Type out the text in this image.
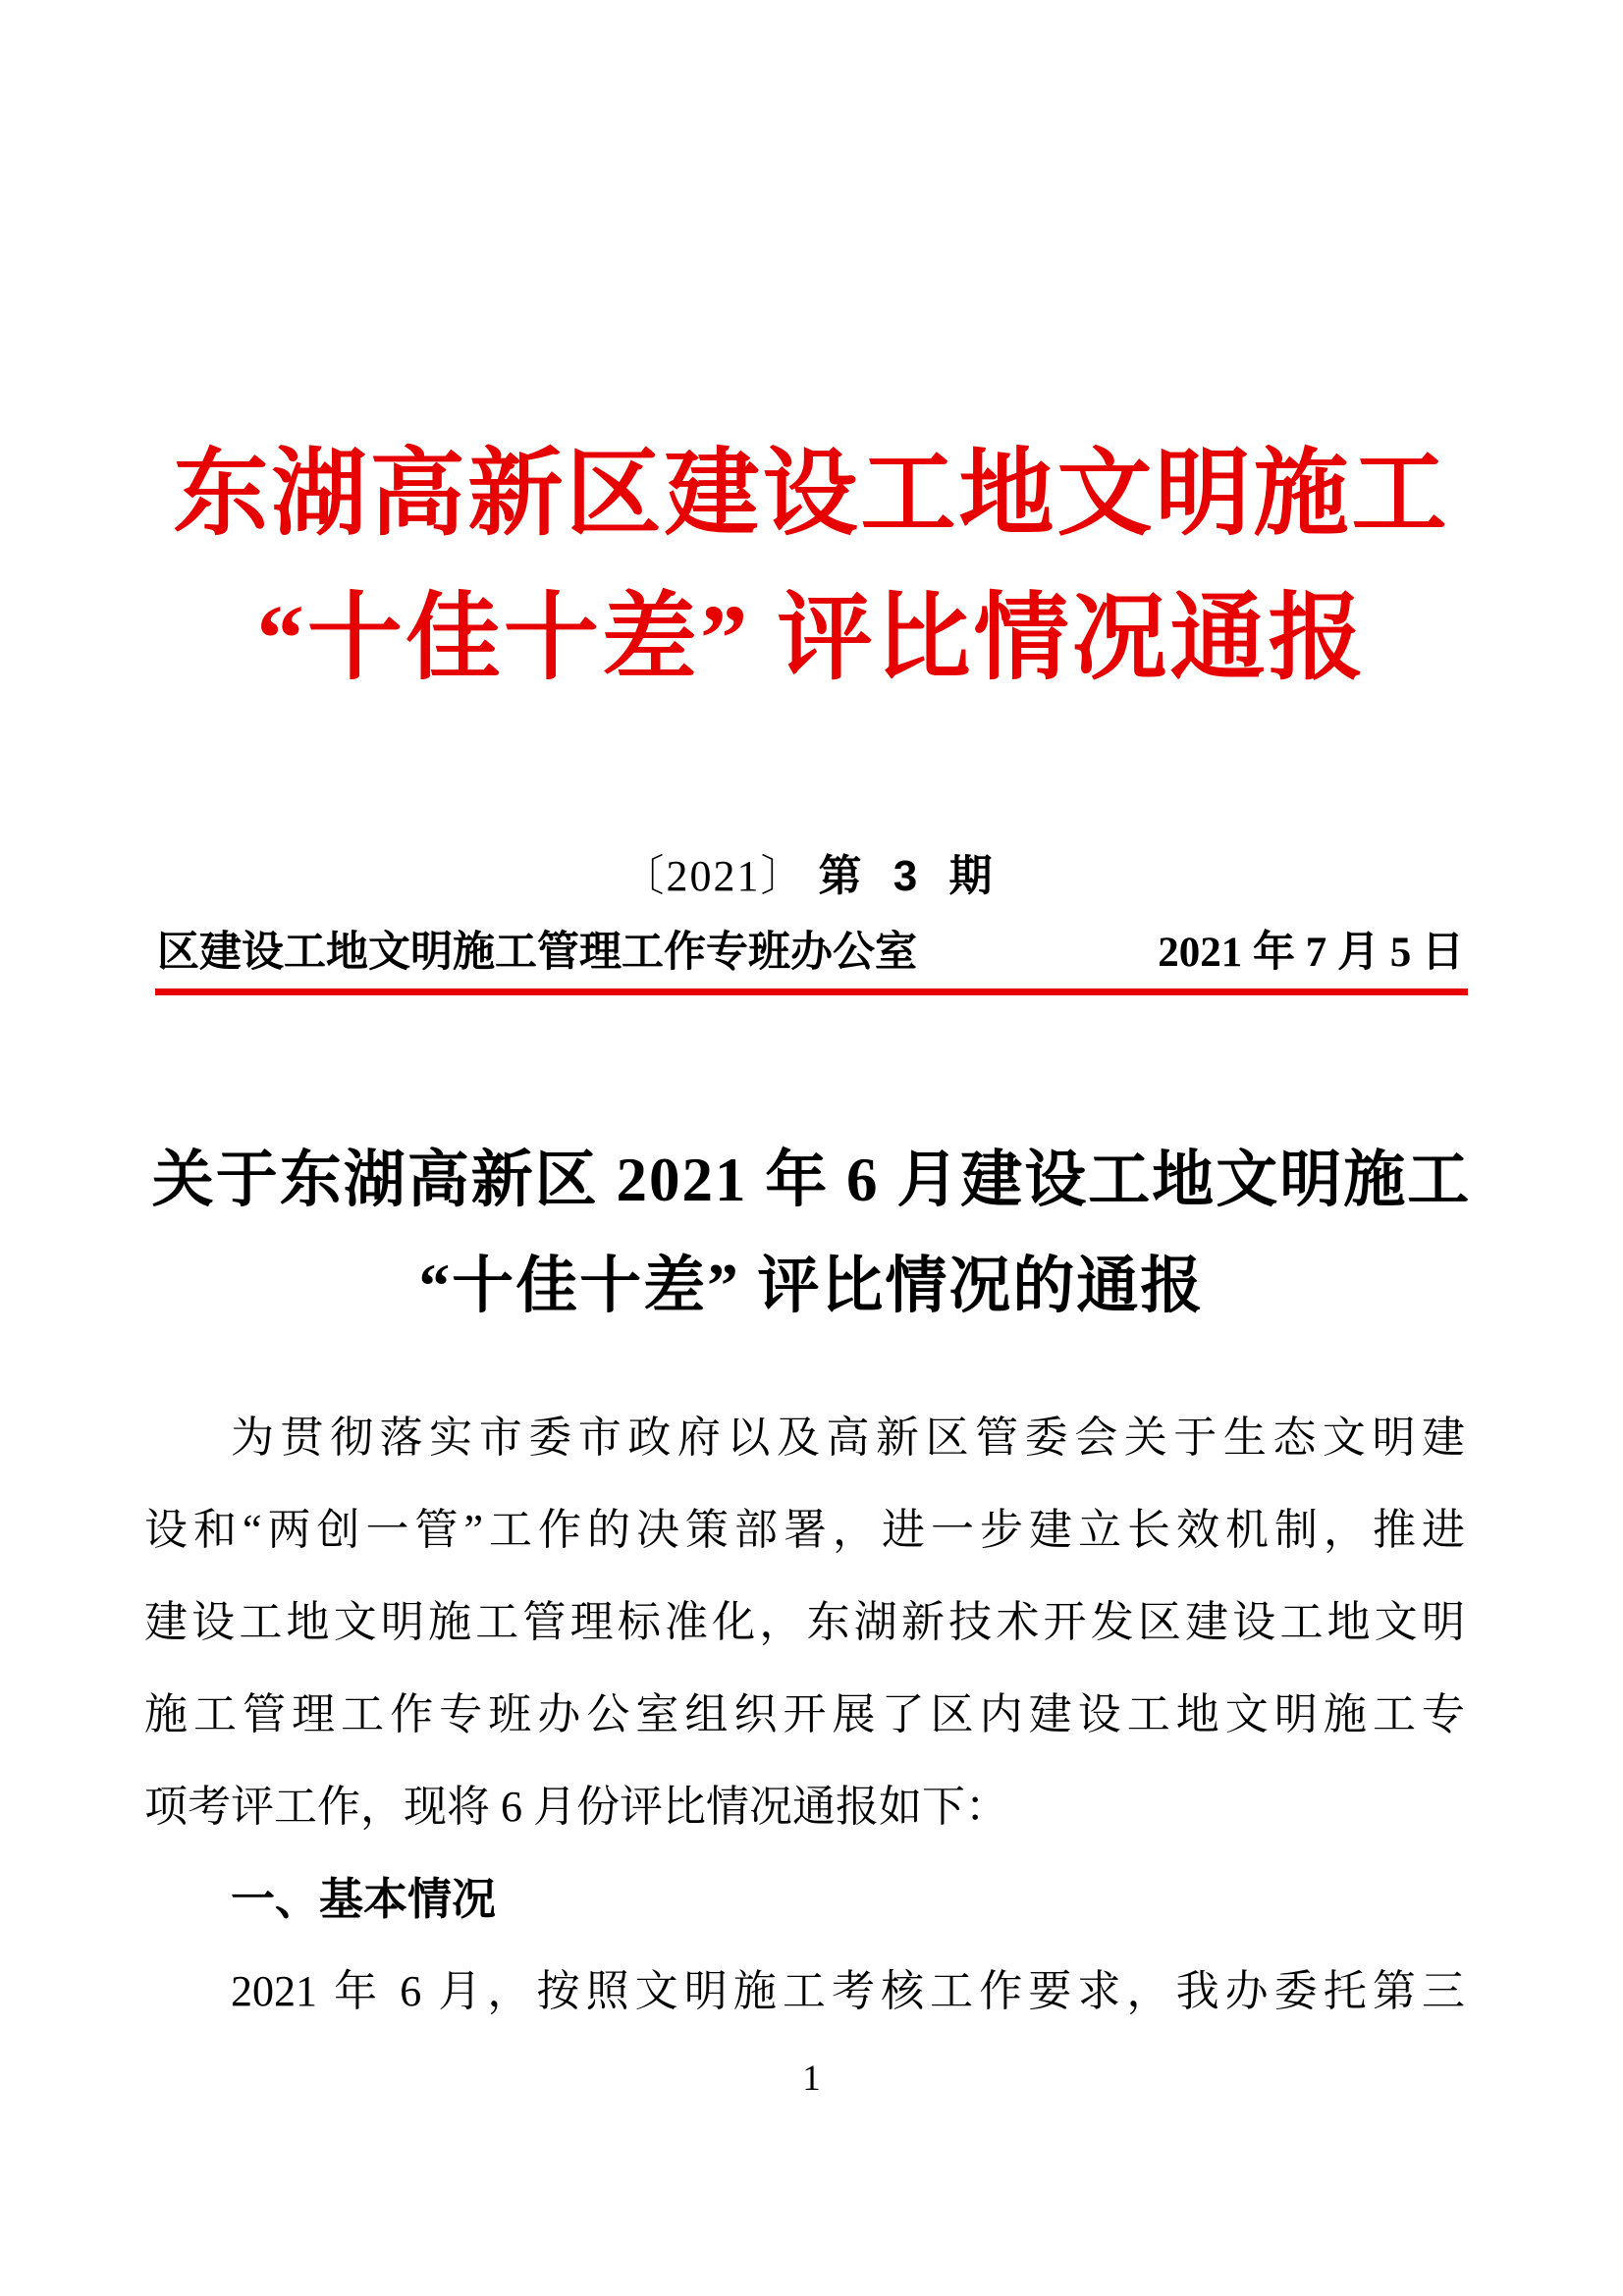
东湖高新区建设工地文明施工
“十佳十差” 评比情况通报
〔2021〕 第 3 期
区建设工地文明施工管理工作专班办公室	2021 年 7 月 5 日
关于东湖高新区 2021 年 6 月建设工地文明施工
“十佳十差” 评比情况的通报
为贯彻落实市委市政府以及高新区管委会关于生态文明建
设和“两创一管”工作的决策部署，进一步建立长效机制，推进
建设工地文明施工管理标准化，东湖新技术开发区建设工地文明
施工管理工作专班办公室组织开展了区内建设工地文明施工专
项考评工作，现将 6 月份评比情况通报如下：
一、基本情况
2021 年 6 月，按照文明施工考核工作要求，我办委托第三
1
